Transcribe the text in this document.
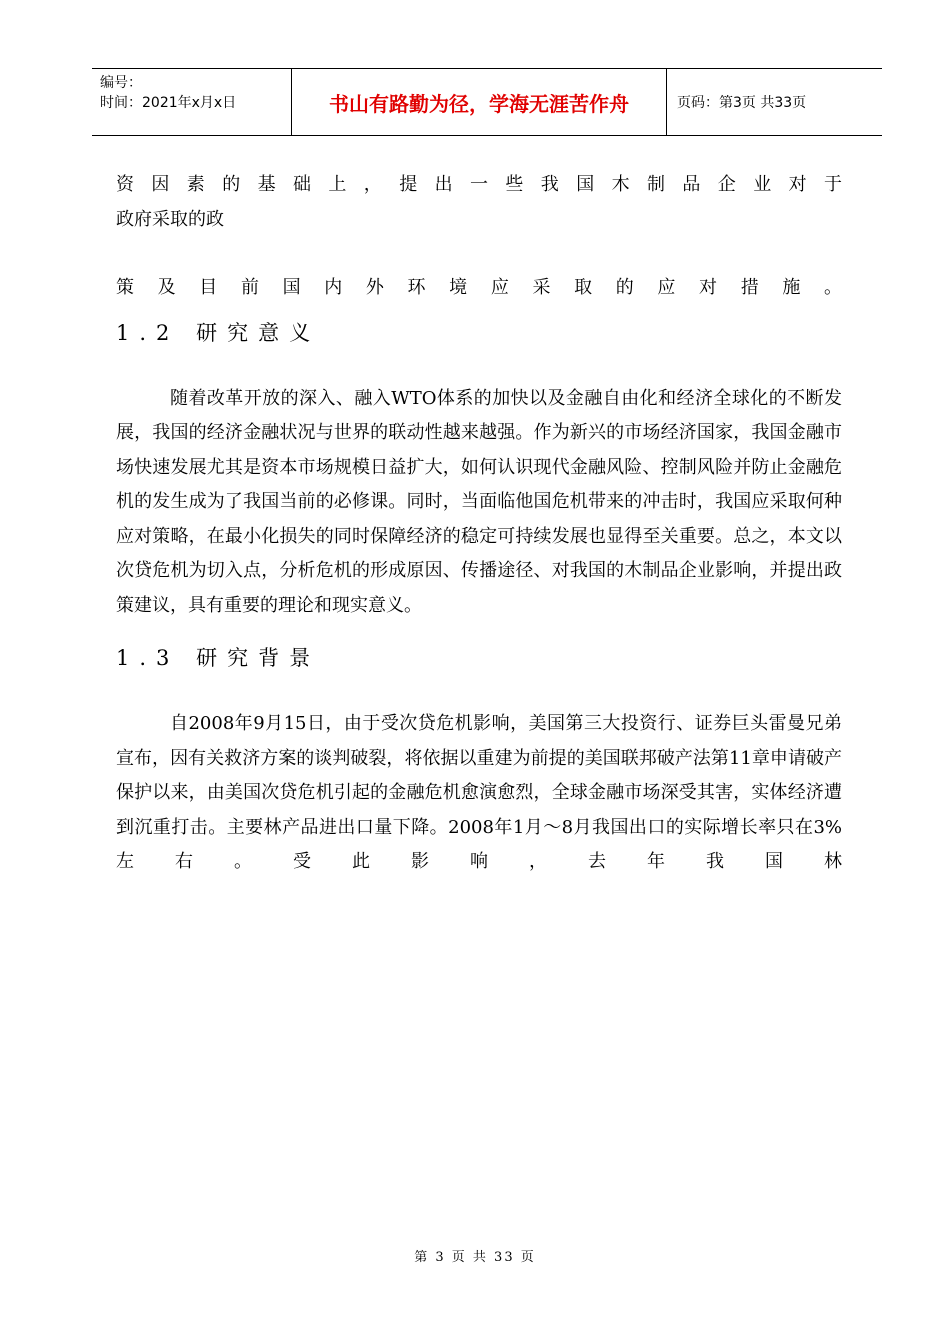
编号：
时间：2021年x月x日	书山有路勤为径，学海无涯苦作舟	页码：第3页 共33页

资因素的基础上，提出一些我国木制品企业对于

政府采取的政

策及目前国内外环境应采取的应对措施。

1.2 研究意义

随着改革开放的深入、融入WTO体系的加快以及金融自由化和经济全球化的不断发展，我国的经济金融状况与世界的联动性越来越强。作为新兴的市场经济国家，我国金融市场快速发展尤其是资本市场规模日益扩大，如何认识现代金融风险、控制风险并防止金融危机的发生成为了我国当前的必修课。同时，当面临他国危机带来的冲击时，我国应采取何种应对策略，在最小化损失的同时保障经济的稳定可持续发展也显得至关重要。总之，本文以次贷危机为切入点，分析危机的形成原因、传播途径、对我国的木制品企业影响，并提出政策建议，具有重要的理论和现实意义。

1.3 研究背景

自2008年9月15日，由于受次贷危机影响，美国第三大投资行、证券巨头雷曼兄弟宣布，因有关救济方案的谈判破裂，将依据以重建为前提的美国联邦破产法第11章申请破产保护以来，由美国次贷危机引起的金融危机愈演愈烈，全球金融市场深受其害，实体经济遭到沉重打击。主要林产品进出口量下降。2008年1月～8月我国出口的实际增长率只在3%左右。受此影响，去年我国林

第 3 页 共 33 页
